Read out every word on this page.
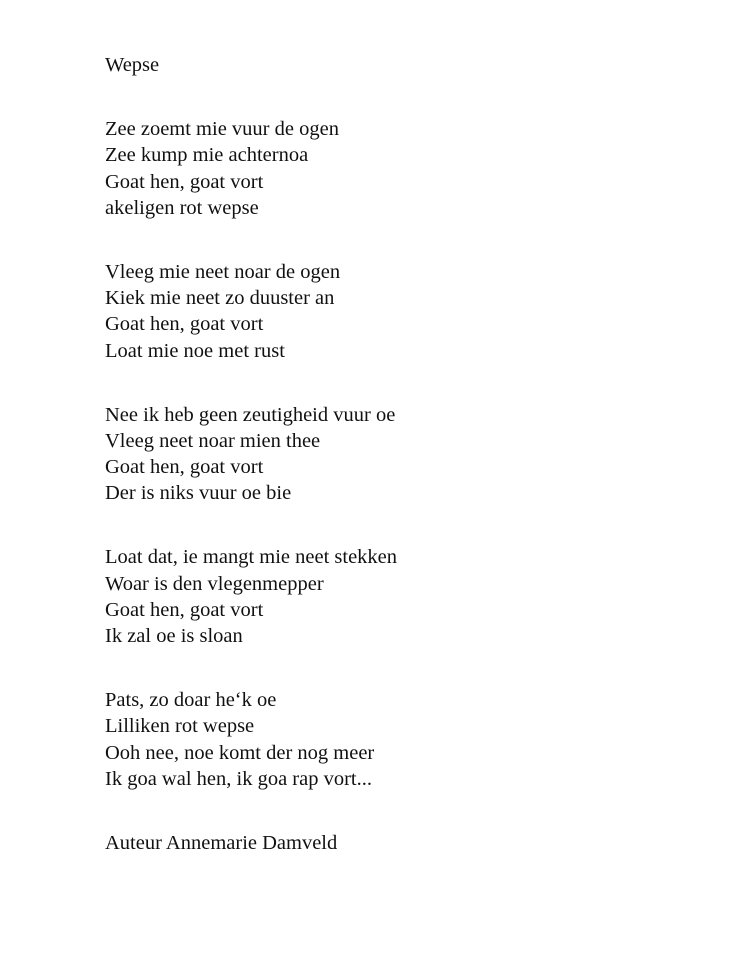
Wepse
Zee zoemt mie vuur de ogen
Zee kump mie achternoa
Goat hen, goat vort
akeligen rot wepse
Vleeg mie neet noar de ogen
Kiek mie neet zo duuster an
Goat hen, goat vort
Loat mie noe met rust
Nee ik heb geen zeutigheid vuur oe
Vleeg neet noar mien thee
Goat hen, goat vort
Der is niks vuur oe bie
Loat dat, ie mangt mie neet stekken
Woar is den vlegenmepper
Goat hen, goat vort
Ik zal oe is sloan
Pats, zo doar heʻk oe
Lilliken rot wepse
Ooh nee, noe komt der nog meer
Ik goa wal hen, ik goa rap vort...
Auteur Annemarie Damveld
